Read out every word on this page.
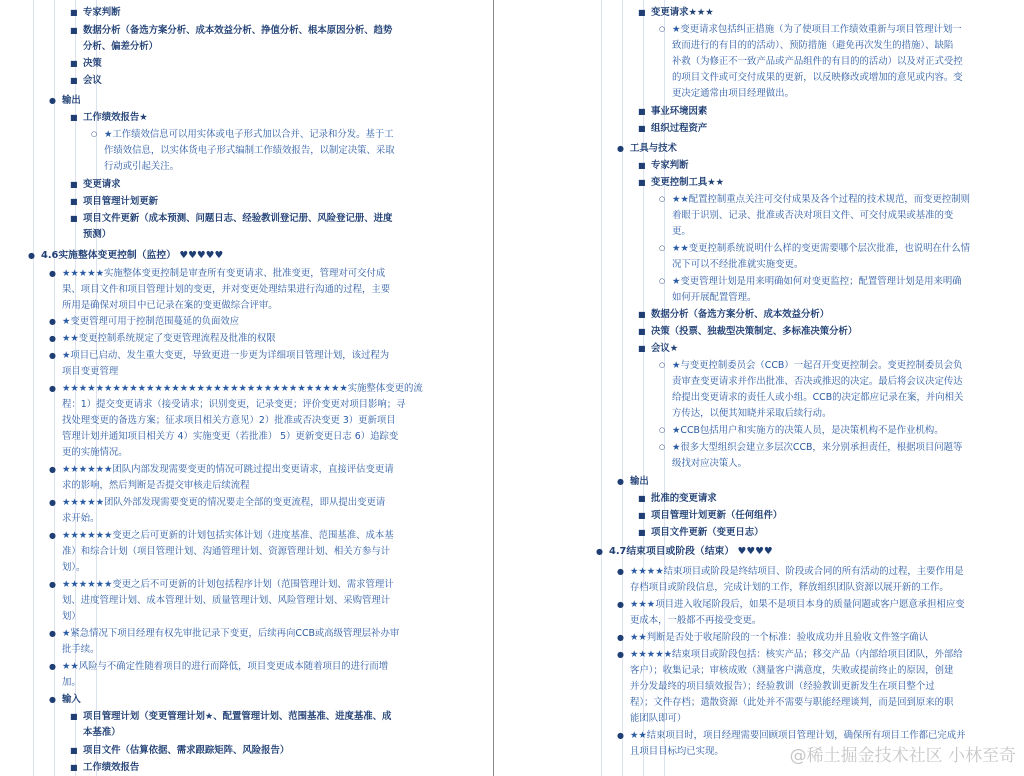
■ 专家判断
■ 数据分析（备选方案分析、成本效益分析、挣值分析、根本原因分析、趋势
分析、偏差分析）
■ 决策
■ 会议
● 输出
■ 工作绩效报告★
○ ★工作绩效信息可以用实体或电子形式加以合并、记录和分发。基于工
作绩效信息，以实体货电子形式编制工作绩效报告，以制定决策、采取
行动或引起关注。
■ 变更请求
■ 项目管理计划更新
■ 项目文件更新（成本预测、问题日志、经验教训登记册、风险登记册、进度
预测）
● 4.6实施整体变更控制（监控） ♥♥♥♥♥
● ★★★★★实施整体变更控制是审查所有变更请求、批准变更，管理对可交付成
果、项目文件和项目管理计划的变更，并对变更处理结果进行沟通的过程，主要
所用是确保对项目中已记录在案的变更做综合评审。
● ★变更管理可用于控制范围蔓延的负面效应
● ★★变更控制系统规定了变更管理流程及批准的权限
● ★项目已启动、发生重大变更，导致更进一步更为详细项目管理计划，该过程为
项目变更管理
● ★★★★★★★★★★★★★★★★★★★★★★★★★★★★★★★★★★实施整体变更的流
程：1）提交变更请求（接受请求；识别变更，记录变更；评价变更对项目影响；寻
找处理变更的备选方案；征求项目相关方意见）2）批准或否决变更 3）更新项目
管理计划并通知项目相关方 4）实施变更（若批准） 5）更新变更日志 6）追踪变
更的实施情况。
● ★★★★★★团队内部发现需要变更的情况可跳过提出变更请求，直接评估变更请
求的影响，然后判断是否提交审核走后续流程
● ★★★★★团队外部发现需要变更的情况要走全部的变更流程，即从提出变更请
求开始。
● ★★★★★★变更之后可更新的计划包括实体计划（进度基准、范围基准、成本基
准）和综合计划（项目管理计划、沟通管理计划、资源管理计划、相关方参与计
划）。
● ★★★★★★变更之后不可更新的计划包括程序计划（范围管理计划、需求管理计
划、进度管理计划、成本管理计划、质量管理计划、风险管理计划、采购管理计
划）
● ★紧急情况下项目经理有权先审批记录下变更，后续再向CCB或高级管理层补办审
批手续。
● ★★风险与不确定性随着项目的进行而降低，项目变更成本随着项目的进行而增
加。
● 输入
■ 项目管理计划（变更管理计划★、配置管理计划、范围基准、进度基准、成
本基准）
■ 项目文件（估算依据、需求跟踪矩阵、风险报告）
■ 工作绩效报告
■ 变更请求★★★
○ ★变更请求包括纠正措施（为了使项目工作绩效重新与项目管理计划一
致而进行的有目的的活动）、预防措施（避免再次发生的措施）、缺陷
补救（为修正不一致产品或产品组件的有目的的活动）以及对正式受控
的项目文件或可交付成果的更新，以反映修改或增加的意见或内容。变
更决定通常由项目经理做出。
■ 事业环境因素
■ 组织过程资产
● 工具与技术
■ 专家判断
■ 变更控制工具★★
○ ★★配置控制重点关注可交付成果及各个过程的技术规范，而变更控制则
着眼于识别、记录、批准或否决对项目文件、可交付成果或基准的变
更。
○ ★★变更控制系统说明什么样的变更需要哪个层次批准，也说明在什么情
况下可以不经批准就实施变更。
○ ★变更管理计划是用来明确如何对变更监控；配置管理计划是用来明确
如何开展配置管理。
■ 数据分析（备选方案分析、成本效益分析）
■ 决策（投票、独裁型决策制定、多标准决策分析）
■ 会议★
○ ★与变更控制委员会（CCB）一起召开变更控制会。变更控制委员会负
责审查变更请求并作出批准、否决或推迟的决定。最后将会议决定传达
给提出变更请求的责任人或小组。CCB的决定都应记录在案，并向相关
方传达，以便其知晓并采取后续行动。
○ ★CCB包括用户和实施方的决策人员，是决策机构不是作业机构。
○ ★很多大型组织会建立多层次CCB，来分别承担责任，根据项目问题等
级找对应决策人。
● 输出
■ 批准的变更请求
■ 项目管理计划更新（任何组件）
■ 项目文件更新（变更日志）
● 4.7结束项目或阶段（结束） ♥♥♥♥
● ★★★★结束项目或阶段是终结项目、阶段或合同的所有活动的过程，主要作用是
存档项目或阶段信息，完成计划的工作，释放组织团队资源以展开新的工作。
● ★★★项目进入收尾阶段后，如果不是项目本身的质量问题或客户愿意承担相应变
更成本，一般都不再接受变更。
● ★★判断是否处于收尾阶段的一个标准：验收成功并且验收文件签字确认
● ★★★★★结束项目或阶段包括：核实产品；移交产品（内部给项目团队，外部给
客户）；收集记录；审核成败（测量客户满意度，失败或提前终止的原因，创建
并分发最终的项目绩效报告）；经验教训（经验教训更新发生在项目整个过
程）；文件存档；遣散资源（此处并不需要与职能经理谈判，而是回到原来的职
能团队即可）
● ★★结束项目时，项目经理需要回顾项目管理计划，确保所有项目工作都已完成并
且项目目标均已实现。	@稀土掘金技术社区 小林至奇
